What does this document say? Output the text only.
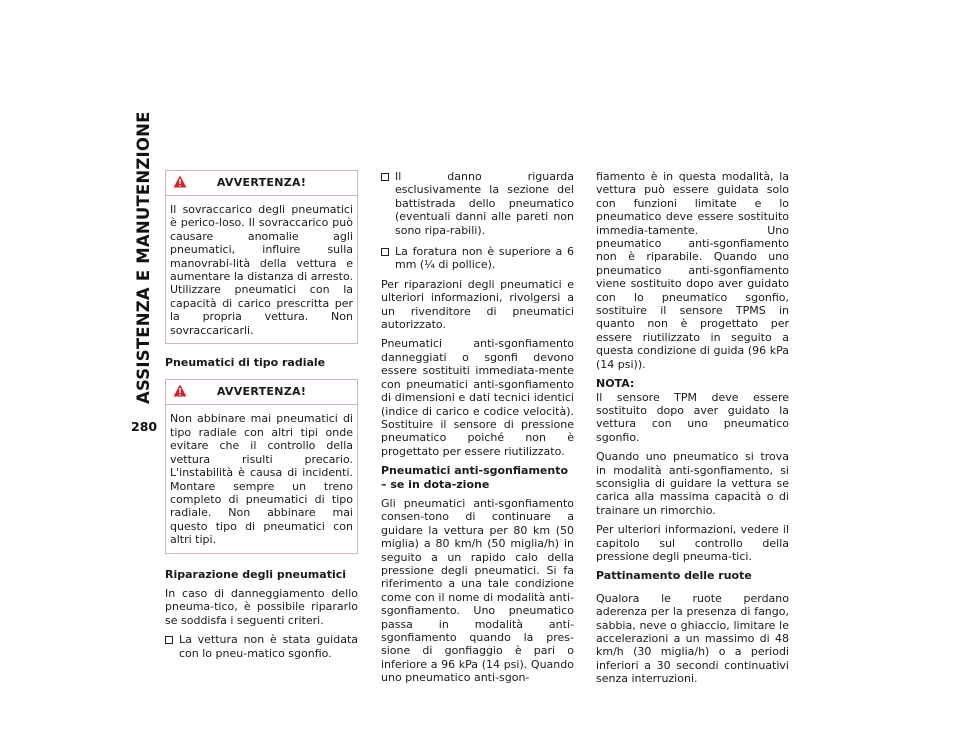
ASSISTENZA E MANUTENZIONE
280
AVVERTENZA!

Il sovraccarico degli pneumatici è perico-loso. Il sovraccarico può causare anomalie agli pneumatici, influire sulla manovrabi-lità della vettura e aumentare la distanza di arresto. Utilizzare pneumatici con la capacità di carico prescritta per la propria vettura. Non sovraccaricarli.

Pneumatici di tipo radiale
AVVERTENZA!

Non abbinare mai pneumatici di tipo radiale con altri tipi onde evitare che il controllo della vettura risulti precario. L'instabilità è causa di incidenti. Montare sempre un treno completo di pneumatici di tipo radiale. Non abbinare mai questo tipo di pneumatici con altri tipi.

Riparazione degli pneumatici

In caso di danneggiamento dello pneuma-tico, è possibile ripararlo se soddisfa i seguenti criteri.

La vettura non è stata guidata con lo pneu-matico sgonfio.
Il danno riguarda esclusivamente la sezione del battistrada dello pneumatico (eventuali danni alle pareti non sono ripa-rabili).
La foratura non è superiore a 6 mm (¼ di pollice).

Per riparazioni degli pneumatici e ulteriori informazioni, rivolgersi a un rivenditore di pneumatici autorizzato.

Pneumatici anti-sgonfiamento danneggiati o sgonfi devono essere sostituiti immediata-mente con pneumatici anti-sgonfiamento di dimensioni e dati tecnici identici (indice di carico e codice velocità). Sostituire il sensore di pressione pneumatico poiché non è progettato per essere riutilizzato.

Pneumatici anti-sgonfiamento – se in dota-zione

Gli pneumatici anti-sgonfiamento consen-tono di continuare a guidare la vettura per 80 km (50 miglia) a 80 km/h (50 miglia/h) in seguito a un rapido calo della pressione degli pneumatici. Si fa riferimento a una tale condizione come con il nome di modalità anti-sgonfiamento. Uno pneumatico passa in modalità anti-sgonfiamento quando la pres-sione di gonfiaggio è pari o inferiore a 96 kPa (14 psi). Quando uno pneumatico anti-sgon-

fiamento è in questa modalità, la vettura può essere guidata solo con funzioni limitate e lo pneumatico deve essere sostituito immedia-tamente. Uno pneumatico anti-sgonfiamento non è riparabile. Quando uno pneumatico anti-sgonfiamento viene sostituito dopo aver guidato con lo pneumatico sgonfio, sostituire il sensore TPMS in quanto non è progettato per essere riutilizzato in seguito a questa condizione di guida (96 kPa (14 psi)).

NOTA:

Il sensore TPM deve essere sostituito dopo aver guidato la vettura con uno pneumatico sgonfio.

Quando uno pneumatico si trova in modalità anti-sgonfiamento, si sconsiglia di guidare la vettura se carica alla massima capacità o di trainare un rimorchio.

Per ulteriori informazioni, vedere il capitolo sul controllo della pressione degli pneuma-tici.

Pattinamento delle ruote

Qualora le ruote perdano aderenza per la presenza di fango, sabbia, neve o ghiaccio, limitare le accelerazioni a un massimo di 48 km/h (30 miglia/h) o a periodi inferiori a 30 secondi continuativi senza interruzioni.
